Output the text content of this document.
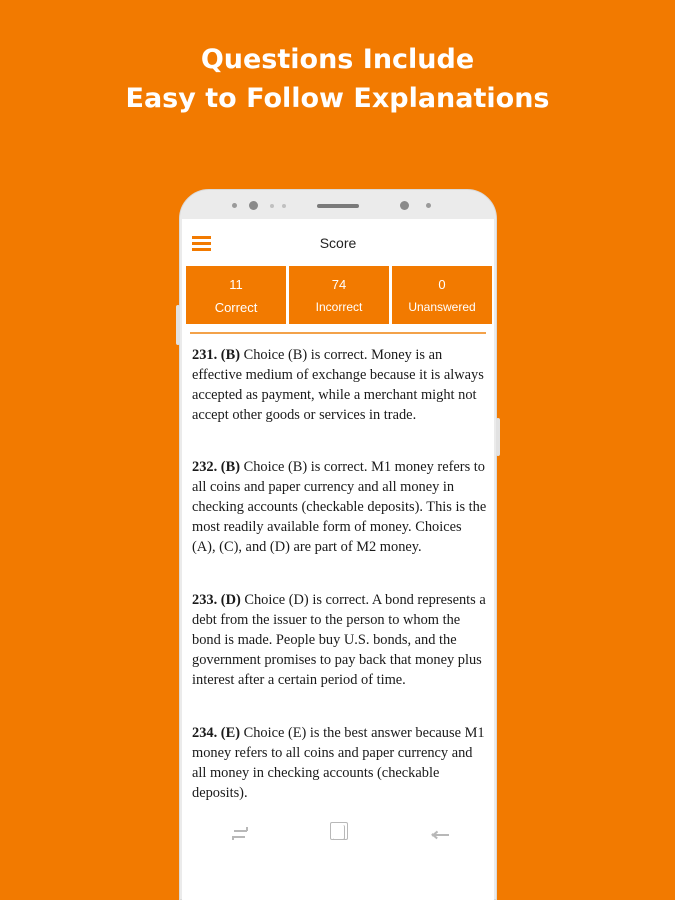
Questions Include
Easy to Follow Explanations
Score
11
Correct
74
Incorrect
0
Unanswered
231. (B) Choice (B) is correct. Money is an effective medium of exchange because it is always accepted as payment, while a merchant might not accept other goods or services in trade.
232. (B) Choice (B) is correct. M1 money refers to all coins and paper currency and all money in checking accounts (checkable deposits). This is the most readily available form of money. Choices (A), (C), and (D) are part of M2 money.
233. (D) Choice (D) is correct. A bond represents a debt from the issuer to the person to whom the bond is made. People buy U.S. bonds, and the government promises to pay back that money plus interest after a certain period of time.
234. (E) Choice (E) is the best answer because M1 money refers to all coins and paper currency and all money in checking accounts (checkable deposits).
